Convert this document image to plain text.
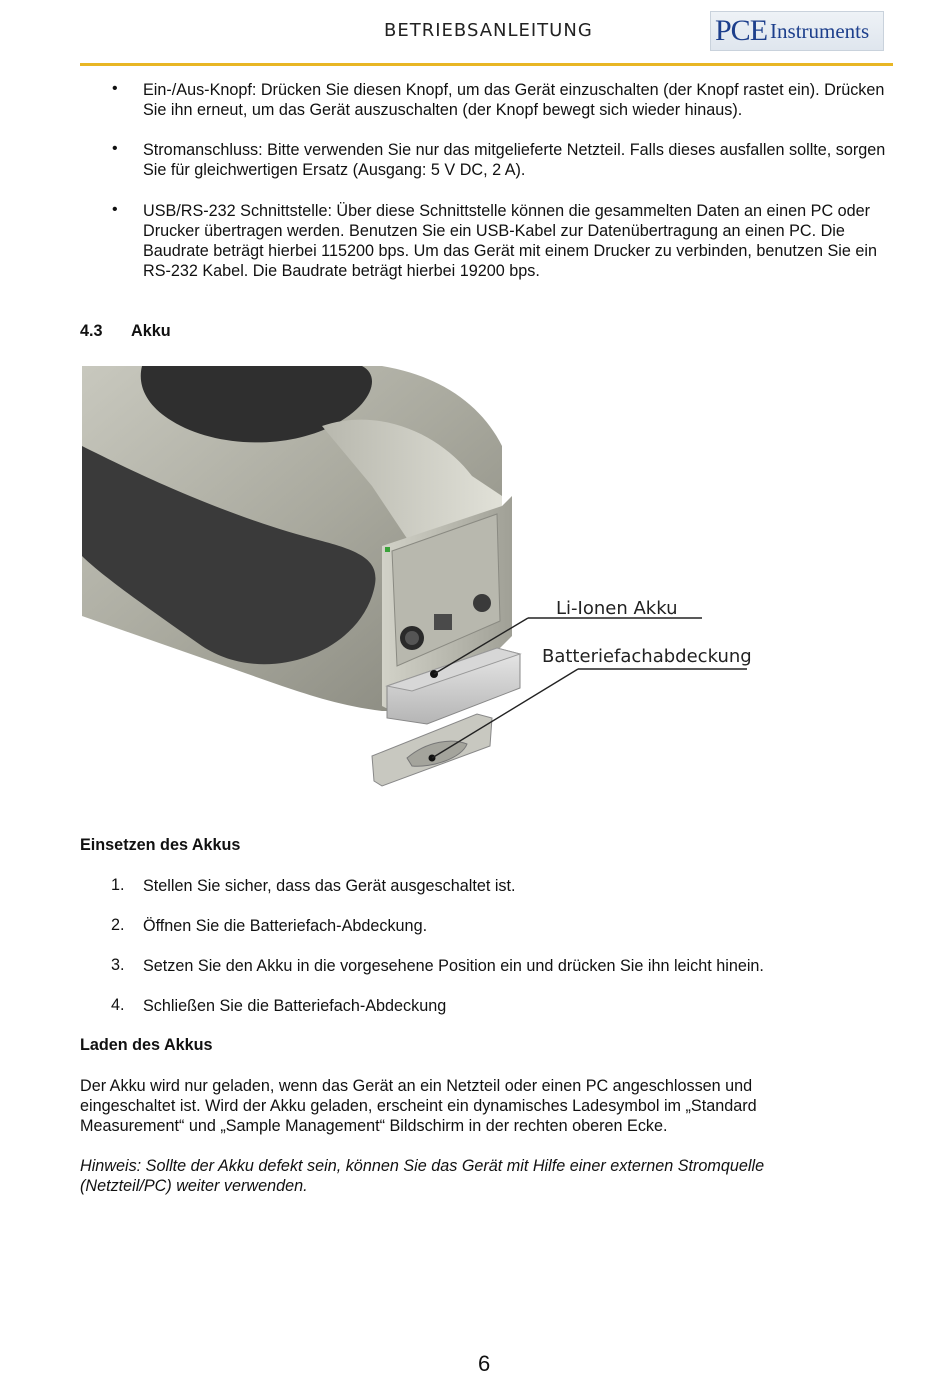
BETRIEBSANLEITUNG	PCE Instruments
• Ein-/Aus-Knopf: Drücken Sie diesen Knopf, um das Gerät einzuschalten (der Knopf rastet ein). Drücken Sie ihn erneut, um das Gerät auszuschalten (der Knopf bewegt sich wieder hinaus).

• Stromanschluss: Bitte verwenden Sie nur das mitgelieferte Netzteil. Falls dieses ausfallen sollte, sorgen Sie für gleichwertigen Ersatz (Ausgang: 5 V DC, 2 A).

• USB/RS-232 Schnittstelle: Über diese Schnittstelle können die gesammelten Daten an einen PC oder Drucker übertragen werden. Benutzen Sie ein USB-Kabel zur Datenübertragung an einen PC. Die Baudrate beträgt hierbei 115200 bps. Um das Gerät mit einem Drucker zu verbinden, benutzen Sie ein RS-232 Kabel. Die Baudrate beträgt hierbei 19200 bps.

4.3 Akku
Li-Ionen Akku
Batteriefachabdeckung

Einsetzen des Akkus

1. Stellen Sie sicher, dass das Gerät ausgeschaltet ist.

2. Öffnen Sie die Batteriefach-Abdeckung.

3. Setzen Sie den Akku in die vorgesehene Position ein und drücken Sie ihn leicht hinein.

4. Schließen Sie die Batteriefach-Abdeckung

Laden des Akkus

Der Akku wird nur geladen, wenn das Gerät an ein Netzteil oder einen PC angeschlossen und eingeschaltet ist. Wird der Akku geladen, erscheint ein dynamisches Ladesymbol im „Standard Measurement“ und „Sample Management“ Bildschirm in der rechten oberen Ecke.

Hinweis: Sollte der Akku defekt sein, können Sie das Gerät mit Hilfe einer externen Stromquelle (Netzteil/PC) weiter verwenden.

6
